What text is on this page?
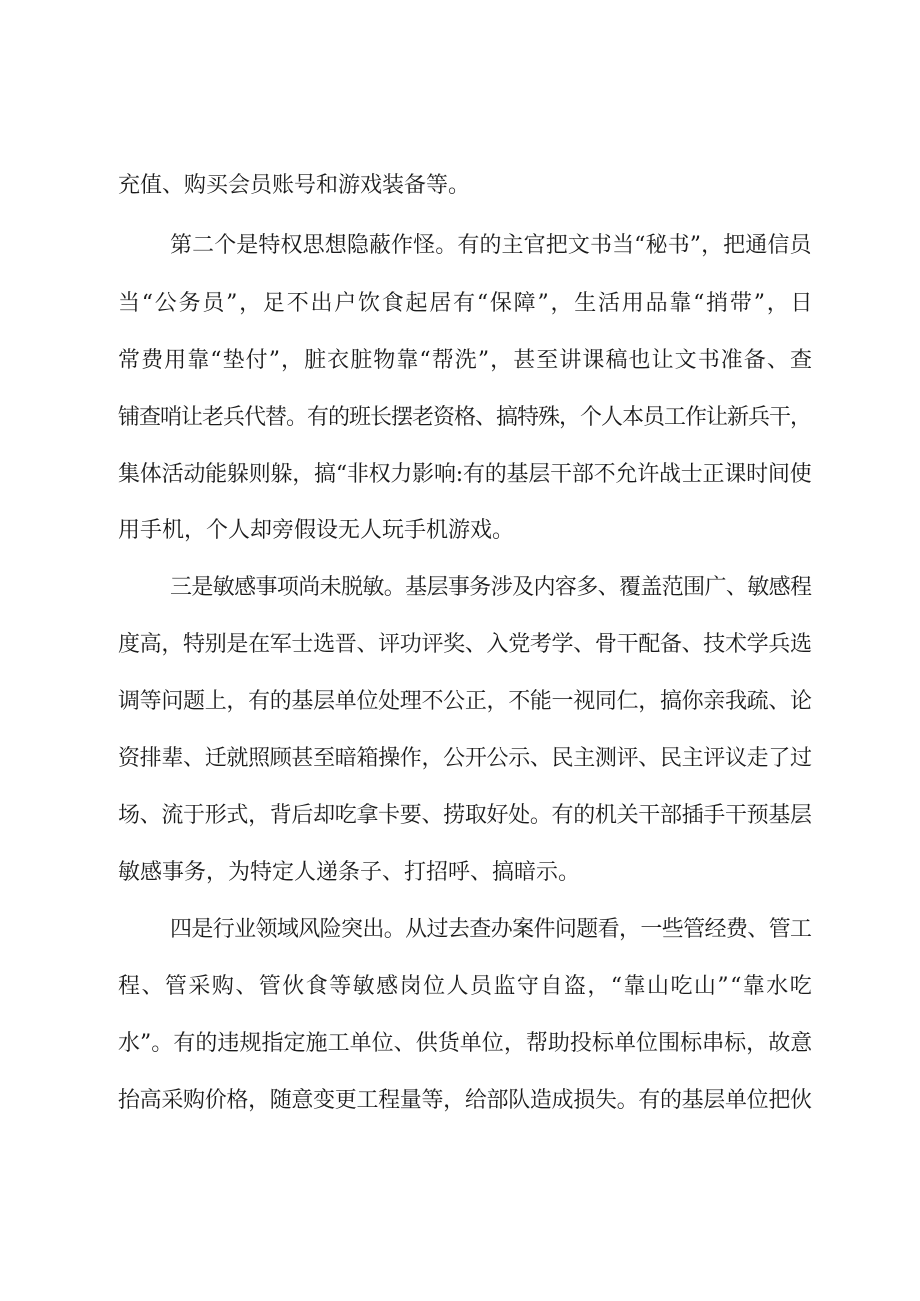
充值、购买会员账号和游戏装备等。
第二个是特权思想隐蔽作怪。有的主官把文书当“秘书”，把通信员
当“公务员”，足不出户饮食起居有“保障”，生活用品靠“捎带”，日
常费用靠“垫付”，脏衣脏物靠“帮洗”，甚至讲课稿也让文书准备、查
铺查哨让老兵代替。有的班长摆老资格、搞特殊，个人本员工作让新兵干，
集体活动能躲则躲，搞“非权力影响:有的基层干部不允许战士正课时间使
用手机，个人却旁假设无人玩手机游戏。
三是敏感事项尚未脱敏。基层事务涉及内容多、覆盖范围广、敏感程
度高，特别是在军士选晋、评功评奖、入党考学、骨干配备、技术学兵选
调等问题上，有的基层单位处理不公正，不能一视同仁，搞你亲我疏、论
资排辈、迁就照顾甚至暗箱操作，公开公示、民主测评、民主评议走了过
场、流于形式，背后却吃拿卡要、捞取好处。有的机关干部插手干预基层
敏感事务，为特定人递条子、打招呼、搞暗示。
四是行业领域风险突出。从过去查办案件问题看，一些管经费、管工
程、管采购、管伙食等敏感岗位人员监守自盗，“靠山吃山”“靠水吃
水”。有的违规指定施工单位、供货单位，帮助投标单位围标串标，故意
抬高采购价格，随意变更工程量等，给部队造成损失。有的基层单位把伙
